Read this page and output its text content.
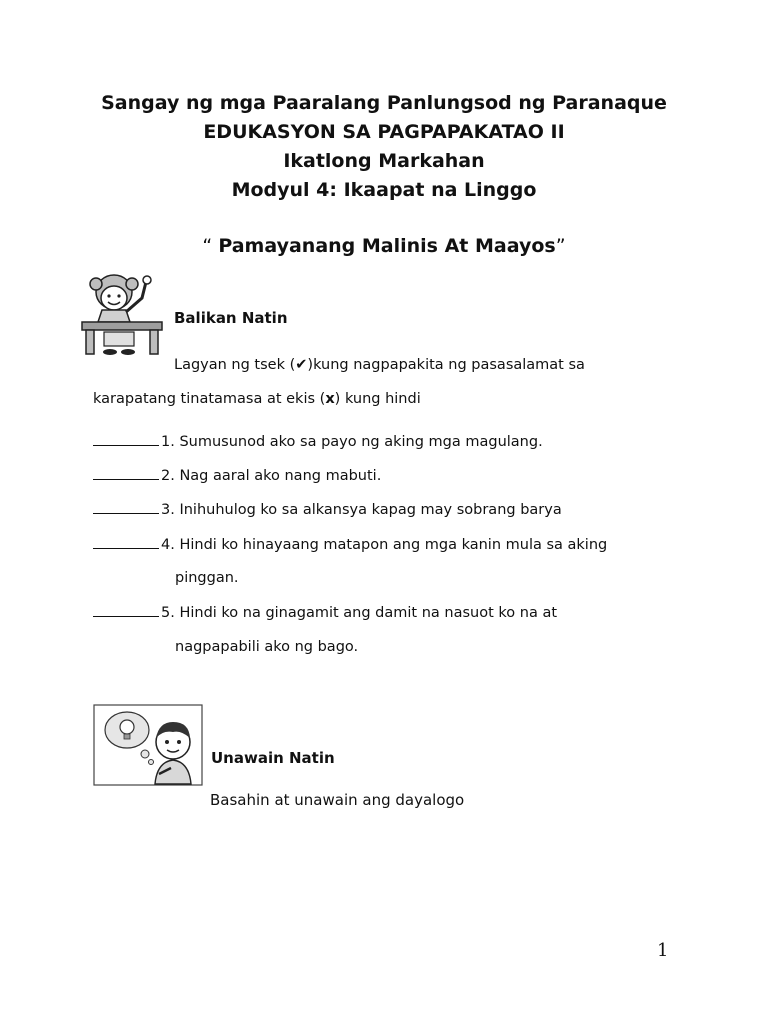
Sangay ng mga Paaralang Panlungsod ng Paranaque
EDUKASYON SA PAGPAPAKATAO II
Ikatlong Markahan
Modyul 4: Ikaapat na Linggo
“ Pamayanang Malinis At Maayos”
Balikan Natin
Lagyan ng tsek (✔)kung nagpapakita ng pasasalamat sa
karapatang tinatamasa at ekis (x) kung hindi
1. Sumusunod ako sa payo ng aking mga magulang.
2. Nag aaral ako nang mabuti.
3. Inihuhulog ko sa alkansya kapag may sobrang barya
4. Hindi ko hinayaang matapon ang mga kanin mula sa aking
pinggan.
5. Hindi ko na ginagamit ang damit na nasuot ko na at
nagpapabili ako ng bago.
Unawain Natin
Basahin at unawain ang dayalogo
1
